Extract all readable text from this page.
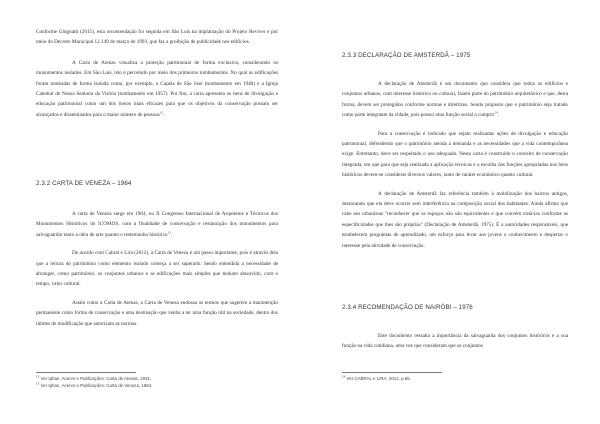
Conforme Ghignatti (2015), esta recomendação foi seguida em São Luís na implantação do Projeto Reviver e por meio do Decreto Municipal 12.149 de março de 1993, que faz a proibição de publicidade nos edifícios.

A Carta de Atenas visualiza a proteção patrimonial de forma exclusiva, considerando os monumentos isolados. Em São Luís, isto é percebido por meio dos primeiros tombamentos. No qual as edificações foram tombadas de forma isolada como, por exemplo, a Capela de São José (tombamento em 1940) e a Igreja Catedral de Nossa Senhora da Vitória (tombamento em 1957). Por fim, a carta apresenta os itens de divulgação e educação patrimonial como um dos meios mais eficazes para que os objetivos da conservação possam ser alcançados e disseminados para o maior número de pessoas$^{12}$.

2.3.2 CARTA DE VENEZA – 1964

A carta de Veneza surge em 1964, no II Congresso Internacional de Arquitetos e Técnicos dos Monumentos Históricos do ICOMOS, com a finalidade de conservação e restauração dos monumentos para salvaguardar tanto a obra de arte quanto o testemunho histórico$^{13}$.

De acordo com Cabral e Lira (2012), a Carta de Veneza é um passo importante, pois é através dela que a leitura do patrimônio como elemento isolado começa a ser superado. Sendo entendida a necessidade de abranger, como patrimônio, os conjuntos urbanos e as edificações mais simples que tenham absorvido, com o tempo, valor cultural.

Assim como a Carta de Atenas, a Carta de Veneza endossa os termos que sugerem a manutenção permanente como forma de conservação e uma destinação que venha a ter uma função útil na sociedade, dentro dos limites de modificação que autorizam as normas.

$^{12}$ Ver Iphan, Acervo e Publicações: Carta de Atenas, 1931.

$^{13}$ Ver Iphan, Acervo e Publicações: Carta de Veneza, 1964.

2.3.3 DECLARAÇÃO DE AMSTERDÃ – 1975

A declaração de Amsterdã é um documento que considera que todos os edifícios e conjuntos urbanos, com interesse histórico ou cultural, fazem parte do patrimônio arquitetônico e que, desta forma, devem ser protegidos conforme normas e diretrizes. Sendo proposto que o patrimônio seja tratado como parte integrante da cidade, pois possui uma função social a cumprir$^{14}$.

Para a conservação é indicado que sejam realizadas ações de divulgação e educação patrimonial, defendendo que o patrimônio atenda a demanda e as necessidades que a vida contemporânea exige. Entretanto, deve ser respeitado o uso adequado. Nesta carta é construído o conceito de conservação integrada, em que para que seja realizada a aplicação técnicas e a escolha das funções apropriadas nos bens históricos devem-se considerar diversos valores, tanto de caráter econômico quanto cultural.

A declaração de Amsterdã faz referência também à mobilização dos bairros antigos, destacando que ela deve ocorrer sem interferência na composição social dos habitantes. Ainda afirma que cabe aos urbanistas "reconhecer que os espaços não são equivalentes e que convém tratá-los conforme as especificidades que lhes são próprias" (Declaração de Amsterdã, 1975). É a autoridades responsáveis, que estabelecem programas de aprendizado, um esforço para levar aos jovens o conhecimento e despertar o interesse pela atividade de conservação.

2.3.4 RECOMENDAÇÃO DE NAIRÓBI – 1976

Este documento ressalta a importância da salvaguarda dos conjuntos históricos e a sua função na vida cotidiana, uma vez que consideram que os conjuntos

$^{14}$ Ver CABRAL e LIRA, 2012, p.65.
